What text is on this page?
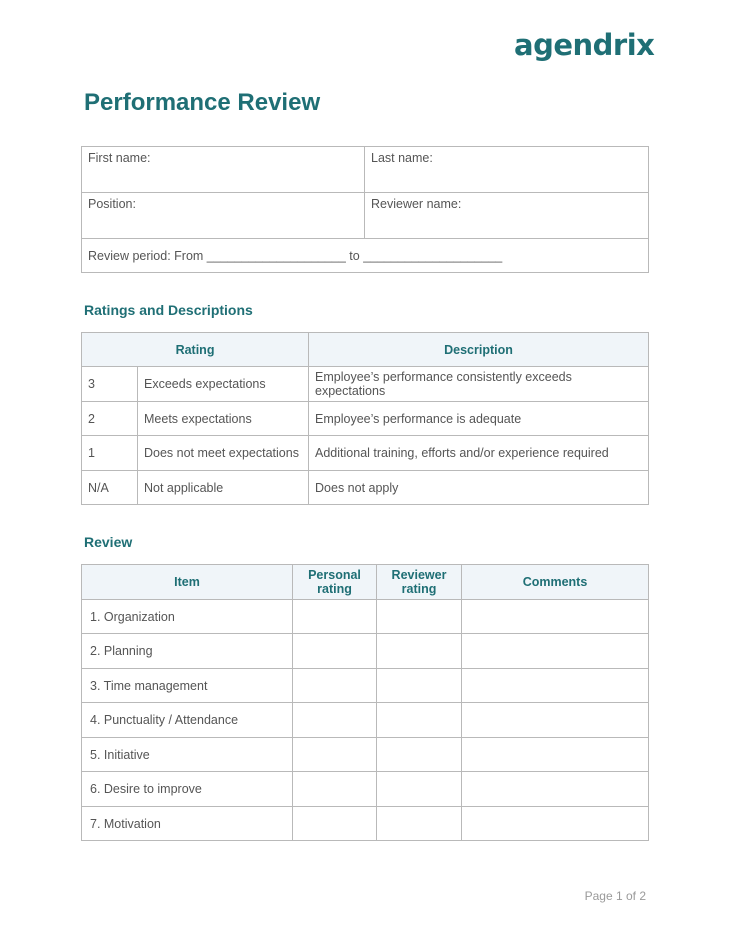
agendrix
Performance Review
First name:	Last name:
Position:	Reviewer name:
Review period: From ____________________ to ____________________	
Ratings and Descriptions
Rating		Description
3	Exceeds expectations	Employee’s performance consistently exceeds expectations
2	Meets expectations	Employee’s performance is adequate
1	Does not meet expectations	Additional training, efforts and/or experience required
N/A	Not applicable	Does not apply
Review
Item	Personal rating	Reviewer rating	Comments
1. Organization			
2. Planning			
3. Time management			
4. Punctuality / Attendance			
5. Initiative			
6. Desire to improve			
7. Motivation			
Page 1 of 2
